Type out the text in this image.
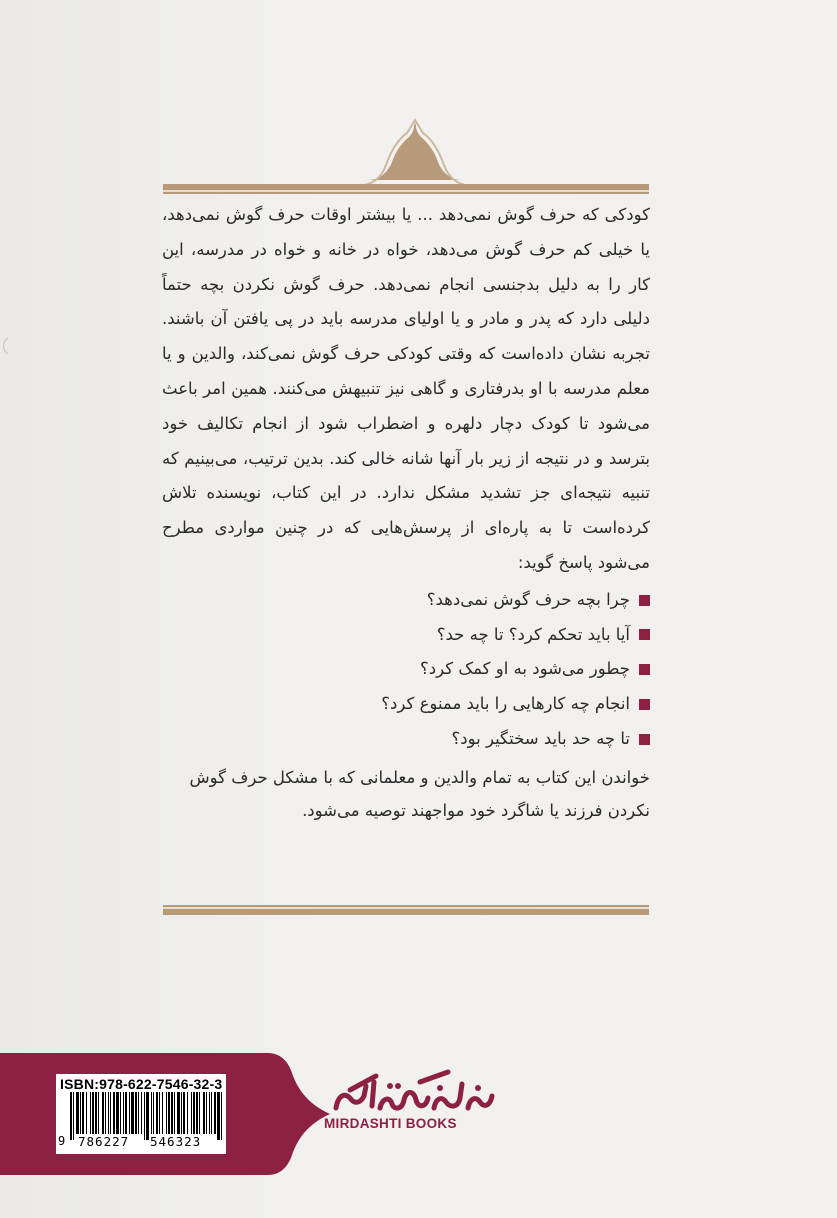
کودکی که حرف گوش نمی‌دهد ... یا بیشتر اوقات حرف گوش نمی‌دهد، یا خیلی کم حرف گوش می‌دهد، خواه در خانه و خواه در مدرسه، این کار را به دلیل بدجنسی انجام نمی‌دهد. حرف گوش نکردن بچه حتماً دلیلی دارد که پدر و مادر و یا اولیای مدرسه باید در پی یافتن آن باشند. تجربه نشان داده‌است که وقتی کودکی حرف گوش نمی‌کند، والدین و یا معلم مدرسه با او بدرفتاری و گاهی نیز تنبیهش می‌کنند. همین امر باعث می‌شود تا کودک دچار دلهره و اضطراب شود از انجام تکالیف خود بترسد و در نتیجه از زیر بار آنها شانه خالی کند. بدین ترتیب، می‌بینیم که تنبیه نتیجه‌ای جز تشدید مشکل ندارد. در این کتاب، نویسنده تلاش کرده‌است تا به پاره‌ای از پرسش‌هایی که در چنین مواردی مطرح می‌شود پاسخ گوید:

چرا بچه حرف گوش نمی‌دهد؟
آیا باید تحکم کرد؟ تا چه حد؟
چطور می‌شود به او کمک کرد؟
انجام چه کارهایی را باید ممنوع کرد؟
تا چه حد باید سختگیر بود؟

خواندن این کتاب به تمام والدین و معلمانی که با مشکل حرف گوش نکردن فرزند یا شاگرد خود مواجهند توصیه می‌شود.

ISBN:978-622-7546-32-3
9 786227 546323
MIRDASHTI BOOKS
